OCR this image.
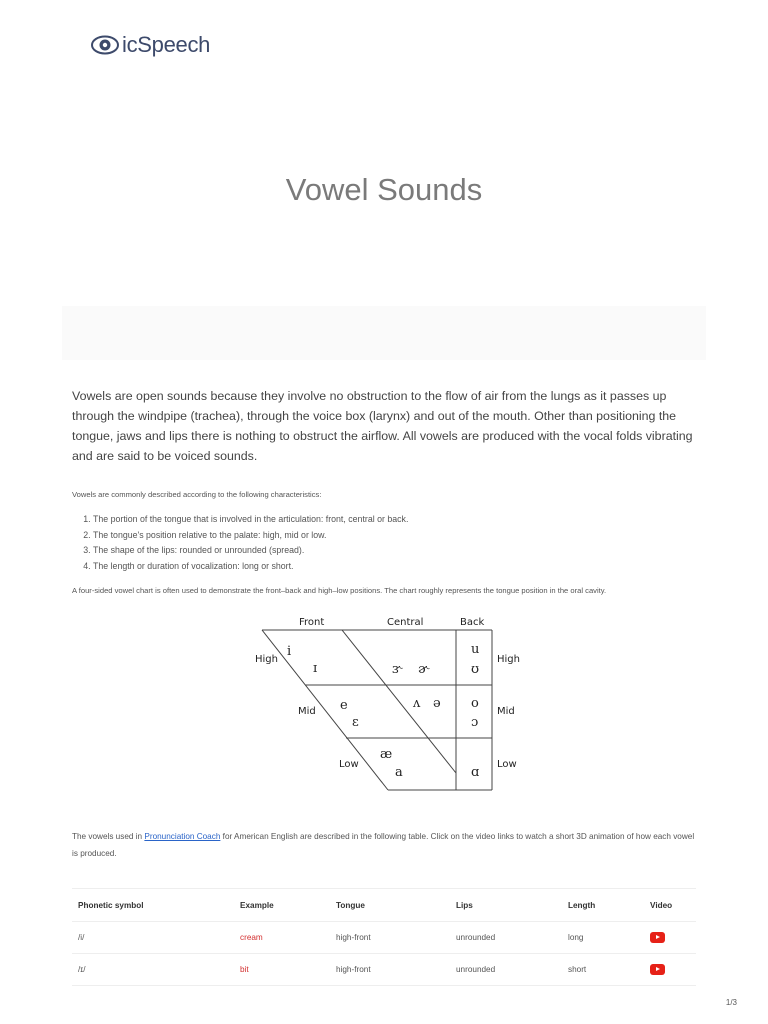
icSpeech
Vowel Sounds

Vowels are open sounds because they involve no obstruction to the flow of air from the lungs as it passes up through the windpipe (trachea), through the voice box (larynx) and out of the mouth. Other than positioning the tongue, jaws and lips there is nothing to obstruct the airflow. All vowels are produced with the vocal folds vibrating and are said to be voiced sounds.

Vowels are commonly described according to the following characteristics:
1. The portion of the tongue that is involved in the articulation: front, central or back.
2. The tongue's position relative to the palate: high, mid or low.
3. The shape of the lips: rounded or unrounded (spread).
4. The length or duration of vocalization: long or short.
A four-sided vowel chart is often used to demonstrate the front–back and high–low positions. The chart roughly represents the tongue position in the oral cavity.
Front	Central	Back
High
Mid
Low
High
Mid
Low
i
ɪ	ɝ ɚ
u
ʊ
e
ɛ
ʌ ə o
ɔ
æ
a	ɑ

The vowels used in Pronunciation Coach for American English are described in the following table. Click on the video links to watch a short 3D animation of how each vowel is produced.

Phonetic symbol	Example	Tongue	Lips	Length	Video
/i/	cream	high-front	unrounded	long	
/ɪ/	bit	high-front	unrounded	short	
1/3
